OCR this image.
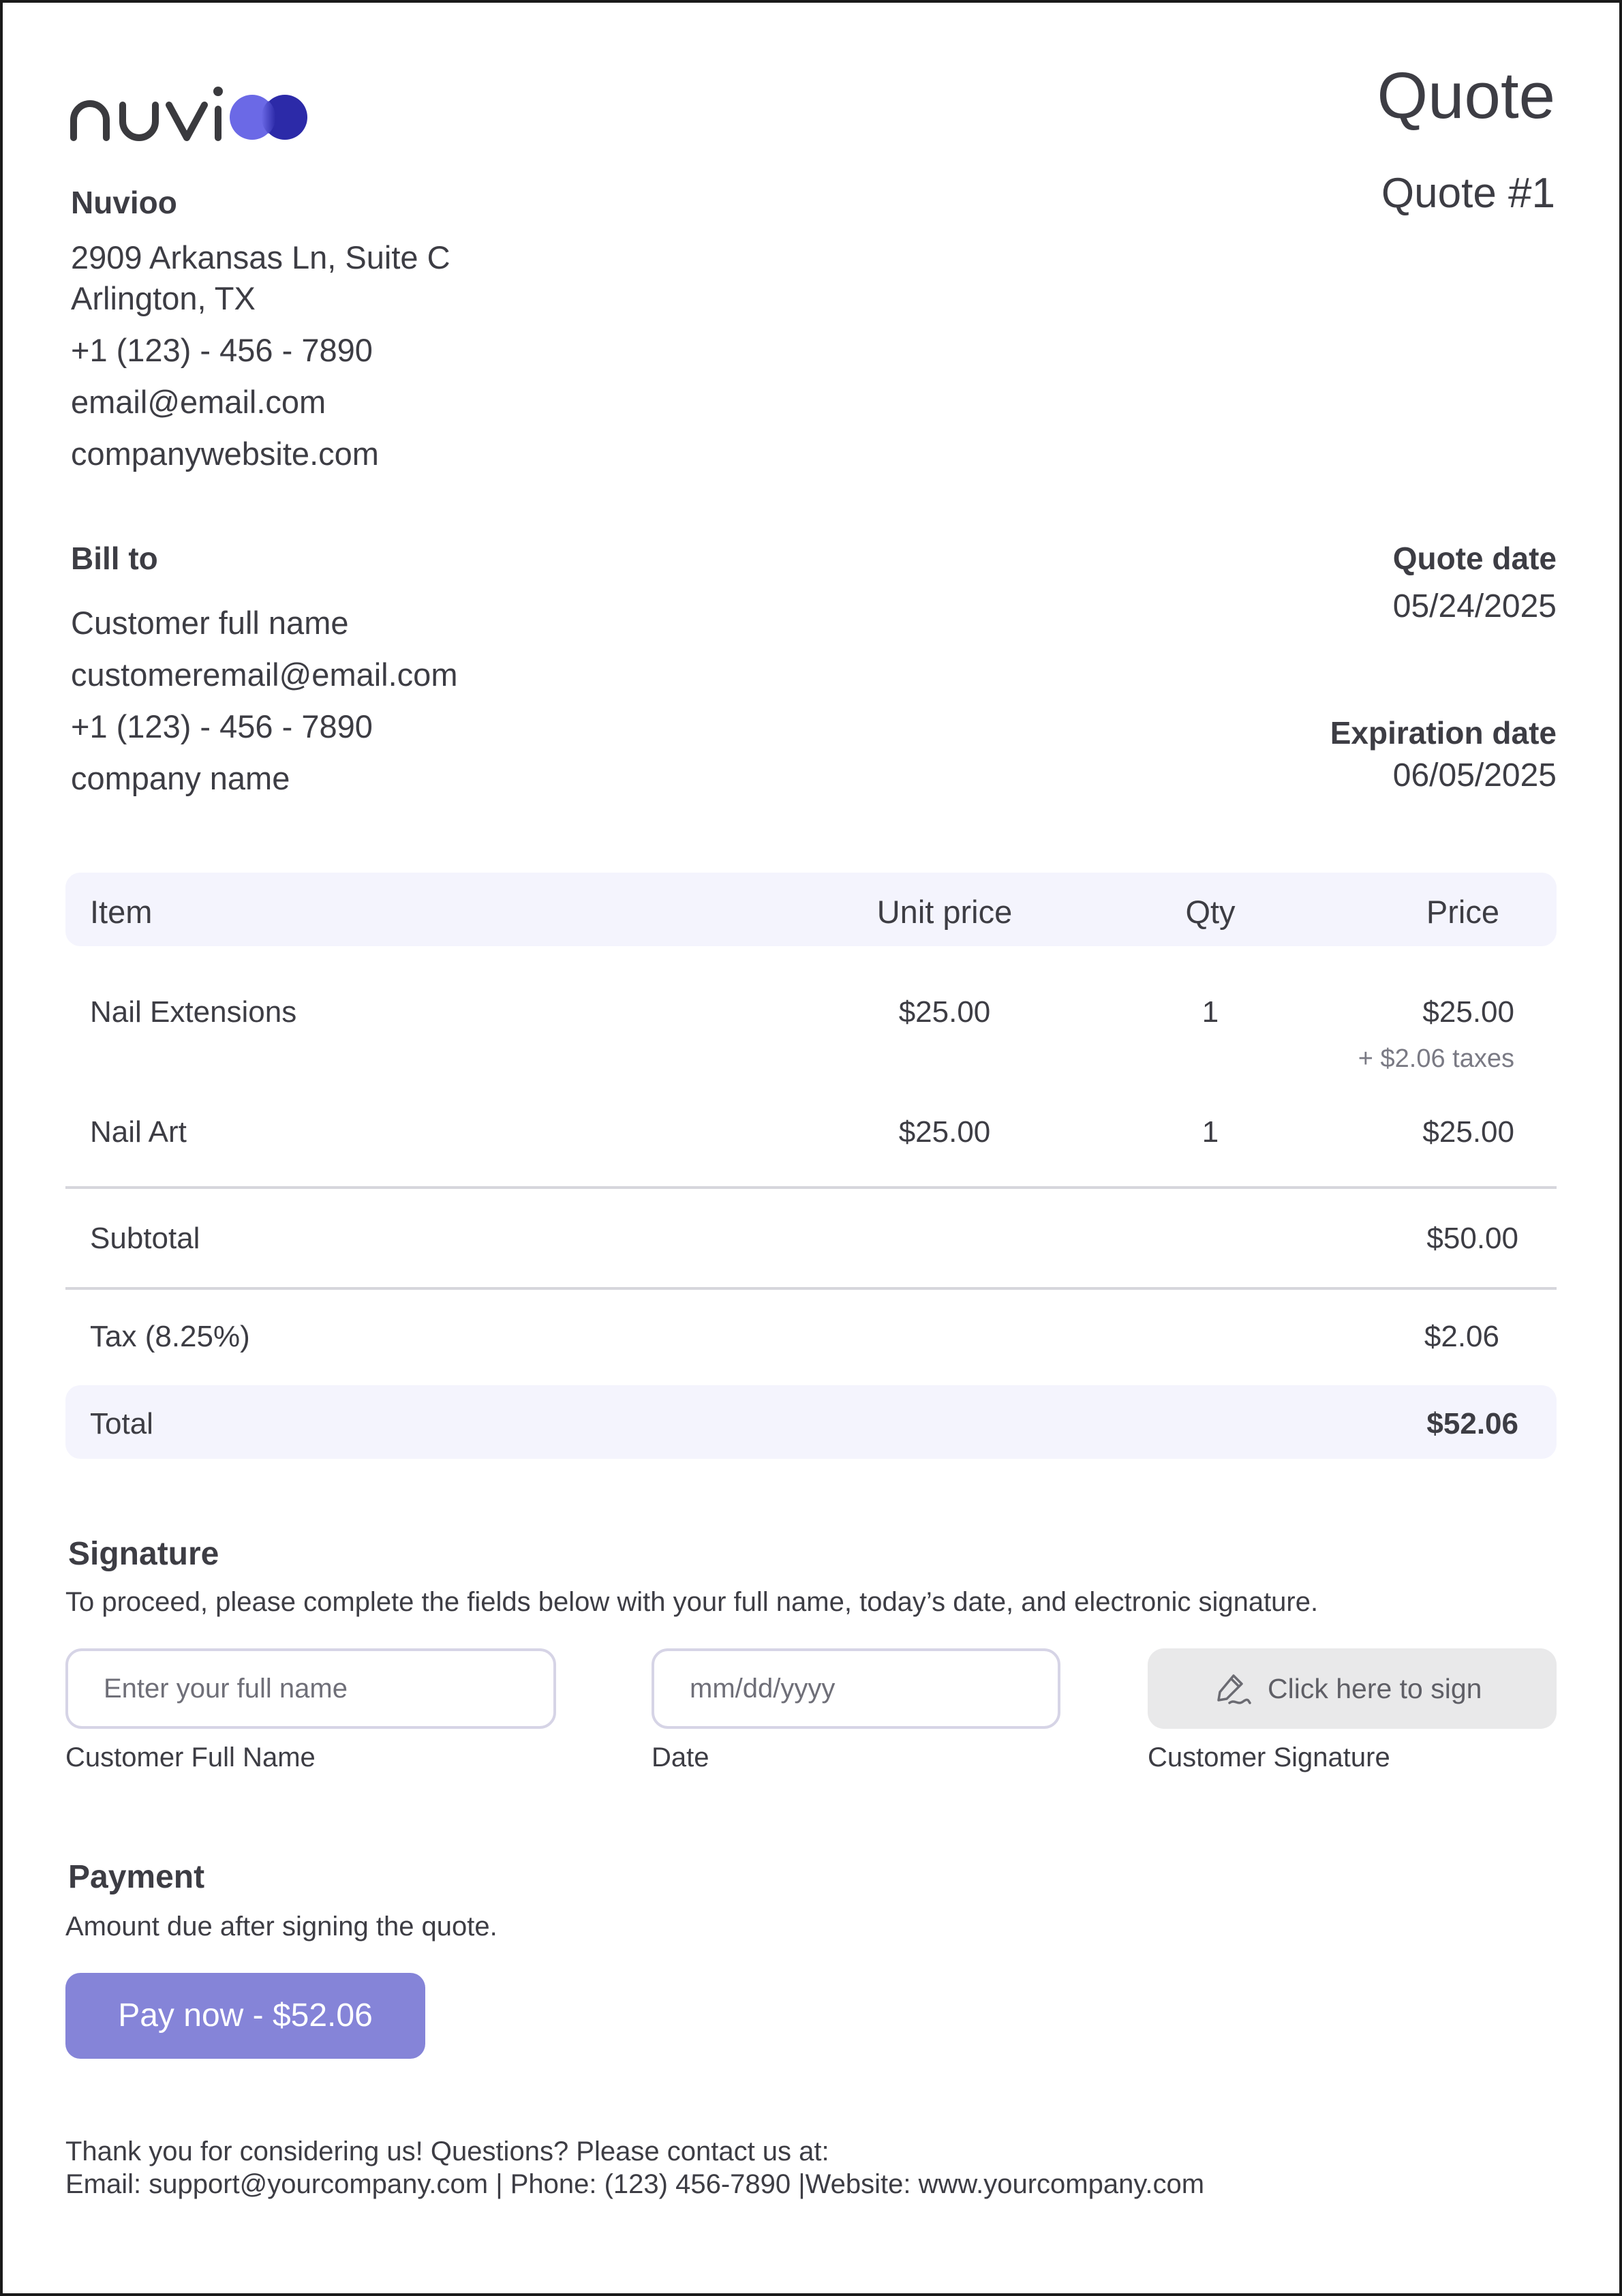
Quote
Quote #1
Nuvioo
2909 Arkansas Ln, Suite C
Arlington, TX
+1 (123) - 456 - 7890
email@email.com
companywebsite.com
Bill to
Customer full name
customeremail@email.com
+1 (123) - 456 - 7890
company name
Quote date
05/24/2025
Expiration date
06/05/2025
Item	Unit price	Qty	Price
Nail Extensions	$25.00	1	$25.00
+ $2.06 taxes
Nail Art	$25.00	1	$25.00
Subtotal	$50.00
Tax (8.25%)	$2.06
Total	$52.06
Signature
To proceed, please complete the fields below with your full name, today’s date, and electronic signature.
Enter your full name
Customer Full Name
mm/dd/yyyy
Date
Click here to sign
Customer Signature
Payment
Amount due after signing the quote.
Pay now - $52.06
Thank you for considering us! Questions? Please contact us at:
Email: support@yourcompany.com | Phone: (123) 456-7890 |Website: www.yourcompany.com
